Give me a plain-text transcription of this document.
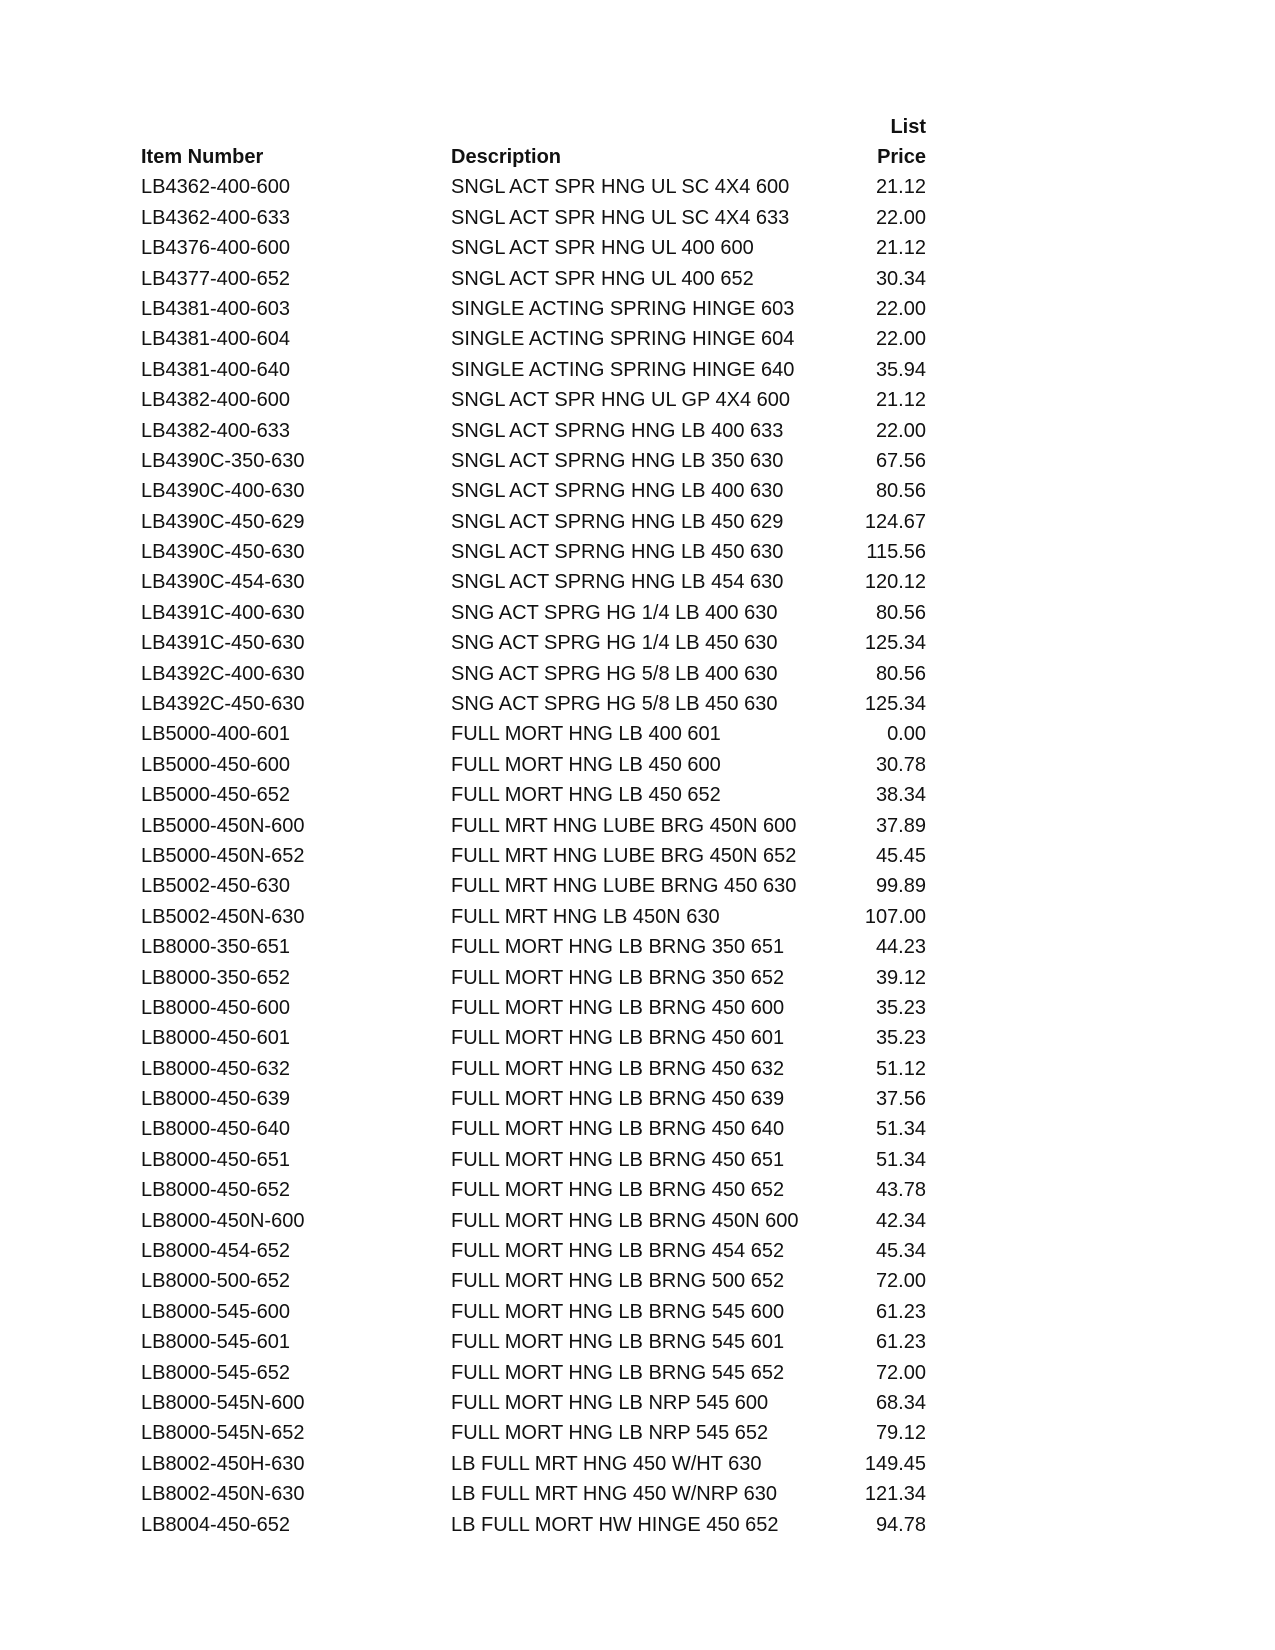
List
Item Number	Description	Price
LB4362-400-600	SNGL ACT SPR HNG UL SC 4X4 600	21.12
LB4362-400-633	SNGL ACT SPR HNG UL SC 4X4 633	22.00
LB4376-400-600	SNGL ACT SPR HNG UL 400 600	21.12
LB4377-400-652	SNGL ACT SPR HNG UL 400 652	30.34
LB4381-400-603	SINGLE ACTING SPRING HINGE 603	22.00
LB4381-400-604	SINGLE ACTING SPRING HINGE 604	22.00
LB4381-400-640	SINGLE ACTING SPRING HINGE 640	35.94
LB4382-400-600	SNGL ACT SPR HNG UL GP 4X4 600	21.12
LB4382-400-633	SNGL ACT SPRNG HNG LB 400 633	22.00
LB4390C-350-630	SNGL ACT SPRNG HNG LB 350 630	67.56
LB4390C-400-630	SNGL ACT SPRNG HNG LB 400 630	80.56
LB4390C-450-629	SNGL ACT SPRNG HNG LB 450 629	124.67
LB4390C-450-630	SNGL ACT SPRNG HNG LB 450 630	115.56
LB4390C-454-630	SNGL ACT SPRNG HNG LB 454 630	120.12
LB4391C-400-630	SNG ACT SPRG HG 1/4 LB 400 630	80.56
LB4391C-450-630	SNG ACT SPRG HG 1/4 LB 450 630	125.34
LB4392C-400-630	SNG ACT SPRG HG 5/8 LB 400 630	80.56
LB4392C-450-630	SNG ACT SPRG HG 5/8 LB 450 630	125.34
LB5000-400-601	FULL MORT HNG LB 400 601	0.00
LB5000-450-600	FULL MORT HNG LB 450 600	30.78
LB5000-450-652	FULL MORT HNG LB 450 652	38.34
LB5000-450N-600	FULL MRT HNG LUBE BRG 450N 600	37.89
LB5000-450N-652	FULL MRT HNG LUBE BRG 450N 652	45.45
LB5002-450-630	FULL MRT HNG LUBE BRNG 450 630	99.89
LB5002-450N-630	FULL MRT HNG LB 450N 630	107.00
LB8000-350-651	FULL MORT HNG LB BRNG 350 651	44.23
LB8000-350-652	FULL MORT HNG LB BRNG 350 652	39.12
LB8000-450-600	FULL MORT HNG LB BRNG 450 600	35.23
LB8000-450-601	FULL MORT HNG LB BRNG 450 601	35.23
LB8000-450-632	FULL MORT HNG LB BRNG 450 632	51.12
LB8000-450-639	FULL MORT HNG LB BRNG 450 639	37.56
LB8000-450-640	FULL MORT HNG LB BRNG 450 640	51.34
LB8000-450-651	FULL MORT HNG LB BRNG 450 651	51.34
LB8000-450-652	FULL MORT HNG LB BRNG 450 652	43.78
LB8000-450N-600	FULL MORT HNG LB BRNG 450N 600	42.34
LB8000-454-652	FULL MORT HNG LB BRNG 454 652	45.34
LB8000-500-652	FULL MORT HNG LB BRNG 500 652	72.00
LB8000-545-600	FULL MORT HNG LB BRNG 545 600	61.23
LB8000-545-601	FULL MORT HNG LB BRNG 545 601	61.23
LB8000-545-652	FULL MORT HNG LB BRNG 545 652	72.00
LB8000-545N-600	FULL MORT HNG LB NRP 545 600	68.34
LB8000-545N-652	FULL MORT HNG LB NRP 545 652	79.12
LB8002-450H-630	LB FULL MRT HNG 450 W/HT 630	149.45
LB8002-450N-630	LB FULL MRT HNG 450 W/NRP 630	121.34
LB8004-450-652	LB FULL MORT HW HINGE 450 652	94.78
